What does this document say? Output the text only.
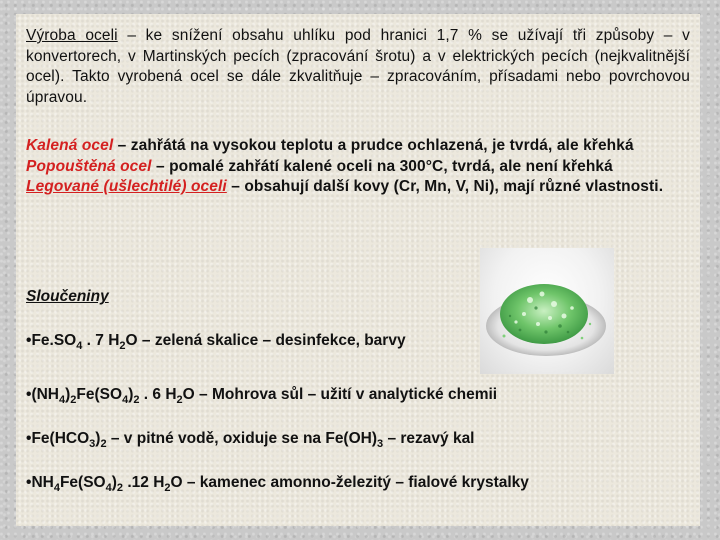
Výroba oceli – ke snížení obsahu uhlíku pod hranici 1,7 % se užívají tři způsoby – v konvertorech, v Martinských pecích (zpracování šrotu) a v elektrických pecích (nejkvalitnější ocel). Takto vyrobená ocel se dále zkvalitňuje – zpracováním, přísadami nebo povrchovou úpravou.
Kalená ocel – zahřátá na vysokou teplotu a prudce ochlazená, je tvrdá, ale křehká
Popouštěná ocel – pomalé zahřátí kalené oceli na 300°C, tvrdá, ale není křehká
Legované (ušlechtilé) oceli – obsahují další kovy (Cr, Mn, V, Ni), mají různé vlastnosti.
Sloučeniny
$•Fe.SO_4$ . 7 $H_2O$ – zelená skalice – desinfekce, barvy
$•(NH_4)_2Fe(SO_4)_2$ . 6 $H_2O$ – Mohrova sůl – užití v analytické chemii
$•Fe(HCO_3)_2$ – v pitné vodě, oxiduje se na $Fe(OH)_3$ – rezavý kal
$•NH_4Fe(SO_4)_2$ .12 $H_2O$ – kamenec amonno-železitý – fialové krystalky
